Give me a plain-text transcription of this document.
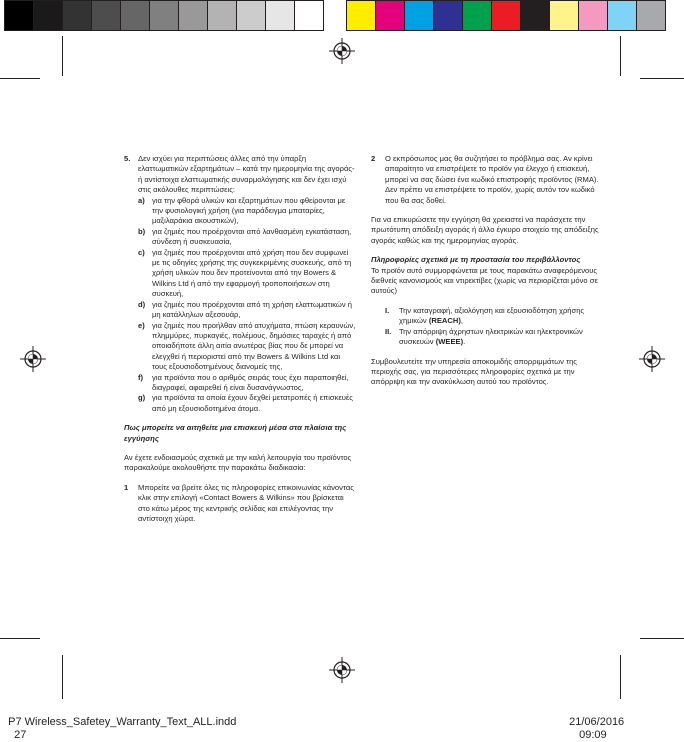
5. Δεν ισχύει για περιπτώσεις άλλες από την ύπαρξη ελαττωματικών εξαρτημάτων – κατά την ημερομηνία της αγοράς- ή αντίστοιχα ελαττωματικής συναρμολόγησης και δεν έχει ισχύ στις ακόλουθες περιπτώσεις:
a) για την φθορά υλικών και εξαρτημάτων που φθείρονται με την φυσιολογική χρήση (για παράδειγμα μπαταρίες, μαξιλαράκια ακουστικών),
b) για ζημιές που προέρχονται από λανθασμένη εγκατάσταση, σύνδεση ή συσκευασία,
c) για ζημιές που προέρχονται από χρήση που δεν συμφωνεί με τις οδηγίες χρήσης της συγκεκριμένης συσκευής, από τη χρήση υλικών που δεν προτείνονται από την Bowers & Wilkins Ltd ή από την εφαρμογή τροποποιήσεων στη συσκευή,
d) για ζημιές που προέρχονται από τη χρήση ελαττωματικών ή μη κατάλληλων αξεσουάρ,
e) για ζημιές που προήλθαν από ατυχήματα, πτώση κεραυνών, πλημμύρες, πυρκαγιές, πολέμους, δημόσιες ταραχές ή από οποιαδήποτε άλλη αιτία ανωτέρας βίας που δε μπορεί να ελεγχθεί ή περιοριστεί από την Bowers & Wilkins Ltd και τους εξουσιοδοτημένους διανομείς της,
f) για προϊόντα που ο αριθμός σειράς τους έχει παραποιηθεί, διαγραφεί, αφαιρεθεί ή είναι δυσανάγνωστος,
g) για προϊόντα τα οποία έχουν δεχθεί μετατροπές ή επισκευές από μη εξουσιοδοτημένα άτομα.

Πως μπορείτε να αιτηθείτε μια επισκευή μέσα στα πλαίσια της εγγύησης

Αν έχετε ενδοιασμούς σχετικά με την καλή λειτουργία του προϊόντος παρακαλούμε ακολουθήστε την παρακάτω διαδικασία:

1 Μπορείτε να βρείτε όλες τις πληροφορίες επικοινωνίας κάνοντας κλικ στην επιλογή «Contact Bowers & Wilkins» που βρίσκεται στο κάτω μέρος της κεντρικής σελίδας και επιλέγοντας την αντίστοιχη χώρα.
2 Ο εκπρόσωπος μας θα συζητήσει το πρόβλημα σας. Αν κρίνει απαραίτητο να επιστρέψετε το προϊόν για έλεγχο ή επισκευή, μπορεί να σας δώσει ένα κωδικό επιστροφής προϊόντος (RMA). Δεν πρέπει να επιστρέψετε το προϊόν, χωρίς αυτόν τον κωδικό που θα σας δοθεί.

Για να επικυρώσετε την εγγύηση θα χρειαστεί να παράσχετε την πρωτότυπη απόδειξη αγοράς ή άλλο έγκυρο στοιχείο της απόδειξης αγοράς καθώς και της ημερομηνίας αγοράς.

Πληροφορίες σχετικά με τη προστασία του περιβάλλοντος

Το προϊόν αυτό συμμορφώνεται με τους παρακάτω αναφερόμενους διεθνείς κανονισμούς και ντιρεκτίβες (χωρίς να περιορίζεται μόνο σε αυτούς)

I. Την καταγραφή, αξιολόγηση και εξουσιοδότηση χρήσης χημικών (REACH),
II. Την απόρριψη άχρηστων ηλεκτρικών και ηλεκτρονικών συσκευών (WEEE).

Συμβουλευτείτε την υπηρεσία αποκομιδής απορριμμάτων της περιοχής σας, για περισσότερες πληροφορίες σχετικά με την απόρριψη και την ανακύκλωση αυτού του προϊόντος.

P7 Wireless_Safetey_Warranty_Text_ALL.indd
27

21/06/2016
09:09
